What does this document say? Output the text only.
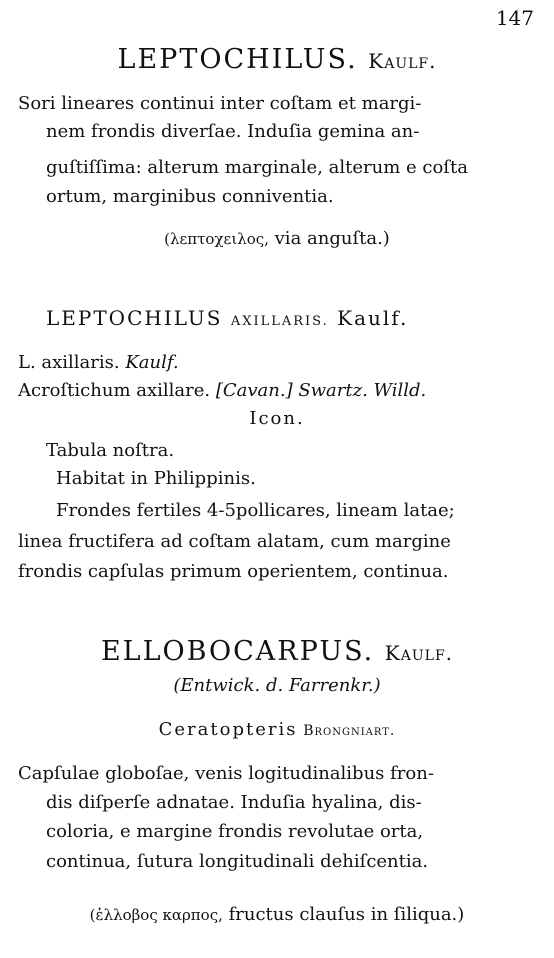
147
LEPTOCHILUS. Kaulf.
Sori lineares continui inter coſtam et margi-
nem frondis diverſae. Induſia gemina an-
guſtiſſima: alterum marginale, alterum e coſta
ortum, marginibus conniventia.
(λεπτοχειλος, via anguſta.)
LEPTOCHILUS AXILLARIS. Kaulf.
L. axillaris. Kaulf.
Acroſtichum axillare. [Cavan.] Swartz. Willd.
Icon.
Tabula noſtra.
Habitat in Philippinis.
Frondes fertiles 4-5pollicares, lineam latae;
linea fructifera ad coſtam alatam, cum margine
frondis capſulas primum operientem, continua.
ELLOBOCARPUS. Kaulf.
(Entwick. d. Farrenkr.)
Ceratopteris Brongniart.
Capſulae globoſae, venis logitudinalibus fron-
dis diſperſe adnatae. Induſia hyalina, dis-
coloria, e margine frondis revolutae orta,
continua, ſutura longitudinali dehiſcentia.
(ἐλλοβος καρπος, fructus clauſus in ſiliqua.)
